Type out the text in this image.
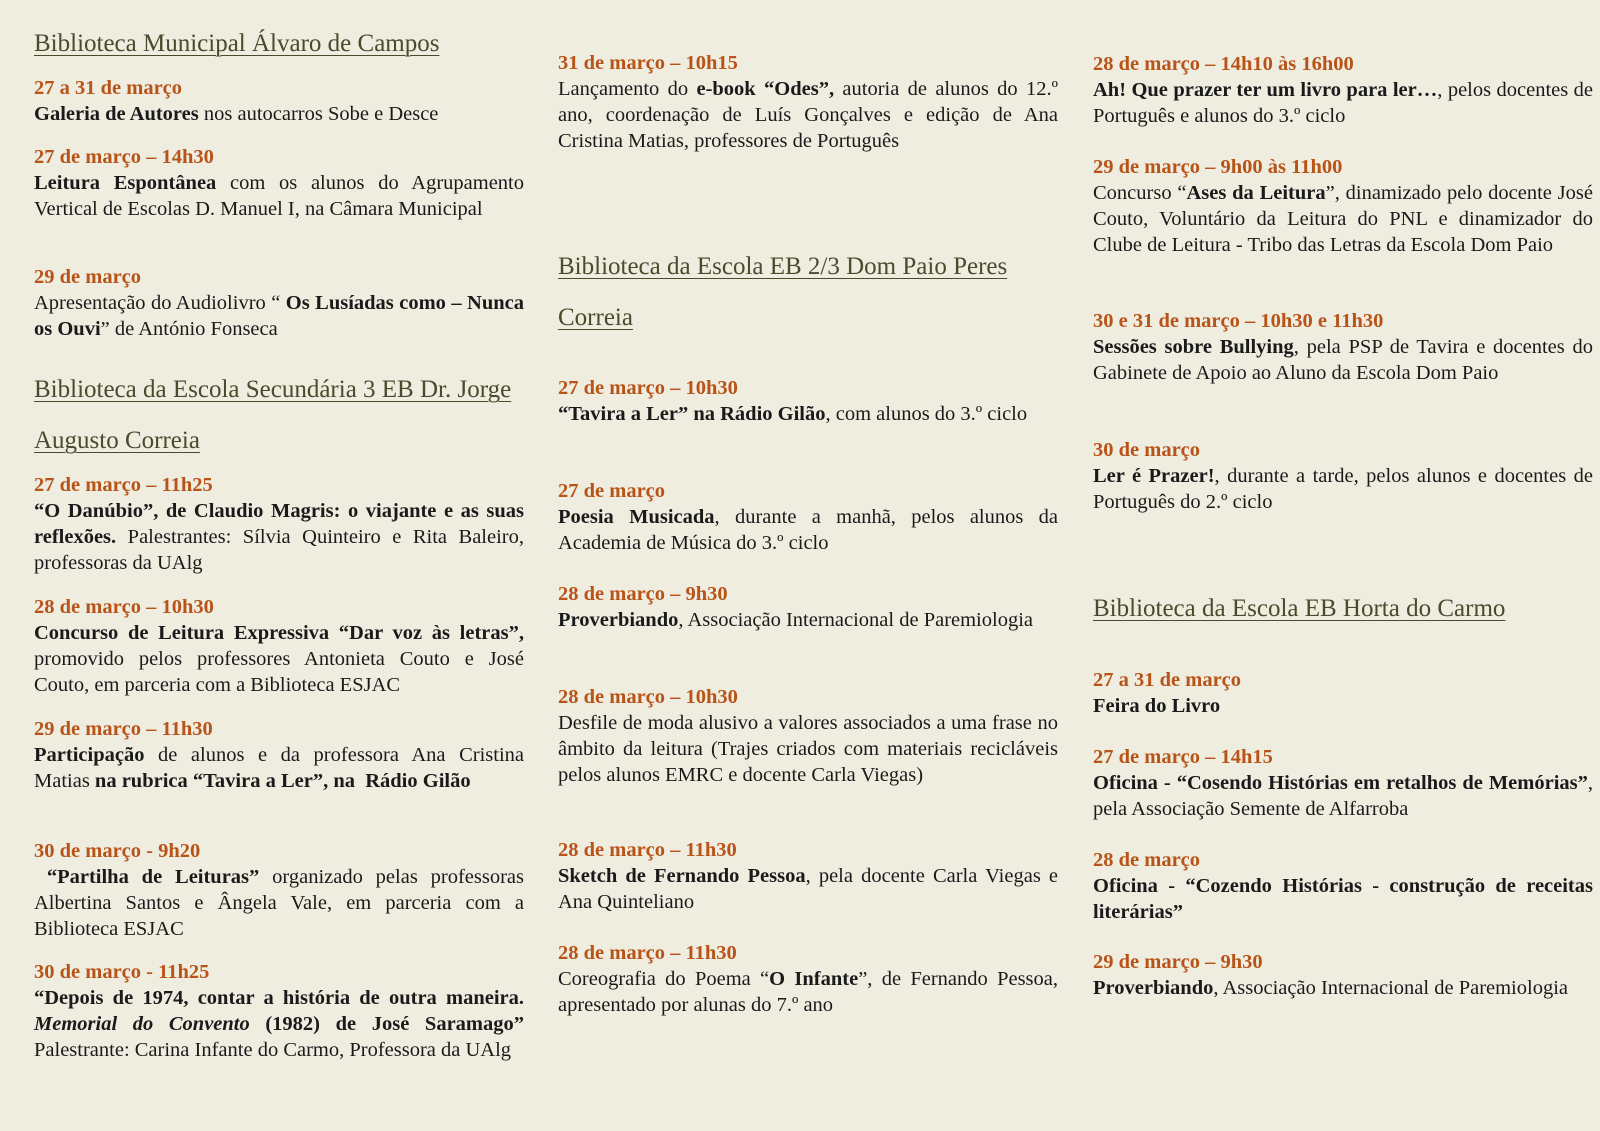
Biblioteca Municipal Álvaro de Campos
27 a 31 de março
Galeria de Autores nos autocarros Sobe e Desce
27 de março – 14h30
Leitura Espontânea com os alunos do Agrupamento Vertical de Escolas D. Manuel I, na Câmara Municipal
29 de março
Apresentação do Audiolivro “ Os Lusíadas como – Nunca os Ouvi” de António Fonseca
Biblioteca da Escola Secundária 3 EB Dr. Jorge Augusto Correia
27 de março – 11h25
“O Danúbio”, de Claudio Magris: o viajante e as suas reflexões. Palestrantes: Sílvia Quinteiro e Rita Baleiro, professoras da UAlg
28 de março – 10h30
Concurso de Leitura Expressiva “Dar voz às letras”, promovido pelos professores Antonieta Couto e José Couto, em parceria com a Biblioteca ESJAC
29 de março – 11h30
Participação de alunos e da professora Ana Cristina Matias na rubrica “Tavira a Ler”, na  Rádio Gilão
30 de março - 9h20
“Partilha de Leituras” organizado pelas professoras Albertina Santos e Ângela Vale, em parceria com a Biblioteca ESJAC
30 de março - 11h25
“Depois de 1974, contar a história de outra maneira. Memorial do Convento (1982) de José Saramago” Palestrante: Carina Infante do Carmo, Professora da UAlg
31 de março – 10h15
Lançamento do e-book “Odes”, autoria de alunos do 12.º ano, coordenação de Luís Gonçalves e edição de Ana Cristina Matias, professores de Português
Biblioteca da Escola EB 2/3 Dom Paio Peres Correia
27 de março – 10h30
“Tavira a Ler” na Rádio Gilão, com alunos do 3.º ciclo
27 de março
Poesia Musicada, durante a manhã, pelos alunos da Academia de Música do 3.º ciclo
28 de março – 9h30
Proverbiando, Associação Internacional de Paremiologia
28 de março – 10h30
Desfile de moda alusivo a valores associados a uma frase no âmbito da leitura (Trajes criados com materiais recicláveis pelos alunos EMRC e docente Carla Viegas)
28 de março – 11h30
Sketch de Fernando Pessoa, pela docente Carla Viegas e Ana Quinteliano
28 de março – 11h30
Coreografia do Poema “O Infante”, de Fernando Pessoa, apresentado por alunas do 7.º ano
28 de março – 14h10 às 16h00
Ah! Que prazer ter um livro para ler…, pelos docentes de Português e alunos do 3.º ciclo
29 de março – 9h00 às 11h00
Concurso “Ases da Leitura”, dinamizado pelo docente José Couto, Voluntário da Leitura do PNL e dinamizador do Clube de Leitura - Tribo das Letras da Escola Dom Paio
30 e 31 de março – 10h30 e 11h30
Sessões sobre Bullying, pela PSP de Tavira e docentes do Gabinete de Apoio ao Aluno da Escola Dom Paio
30 de março
Ler é Prazer!, durante a tarde, pelos alunos e docentes de Português do 2.º ciclo
Biblioteca da Escola EB Horta do Carmo
27 a 31 de março
Feira do Livro
27 de março – 14h15
Oficina - “Cosendo Histórias em retalhos de Memórias”, pela Associação Semente de Alfarroba
28 de março
Oficina - “Cozendo Histórias - construção de receitas literárias”
29 de março – 9h30
Proverbiando, Associação Internacional de Paremiologia
